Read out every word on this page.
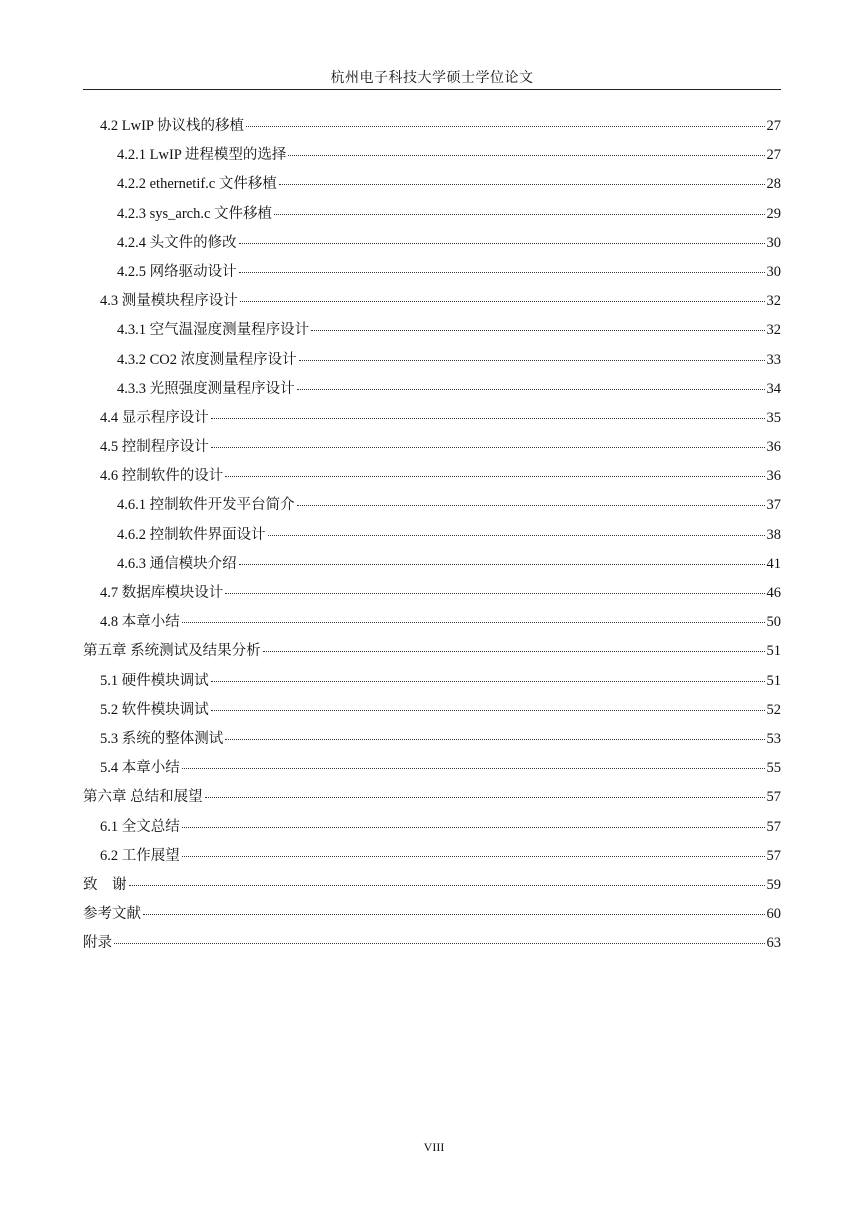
杭州电子科技大学硕士学位论文
4.2 LwIP 协议栈的移植	27
4.2.1 LwIP 进程模型的选择	27
4.2.2 ethernetif.c 文件移植	28
4.2.3 sys_arch.c 文件移植	29
4.2.4 头文件的修改	30
4.2.5 网络驱动设计	30
4.3 测量模块程序设计	32
4.3.1 空气温湿度测量程序设计	32
4.3.2 CO2 浓度测量程序设计	33
4.3.3 光照强度测量程序设计	34
4.4 显示程序设计	35
4.5 控制程序设计	36
4.6 控制软件的设计	36
4.6.1 控制软件开发平台简介	37
4.6.2 控制软件界面设计	38
4.6.3 通信模块介绍	41
4.7 数据库模块设计	46
4.8 本章小结	50
第五章 系统测试及结果分析	51
5.1 硬件模块调试	51
5.2 软件模块调试	52
5.3 系统的整体测试	53
5.4 本章小结	55
第六章 总结和展望	57
6.1 全文总结	57
6.2 工作展望	57
致　谢	59
参考文献	60
附录	63
VIII
